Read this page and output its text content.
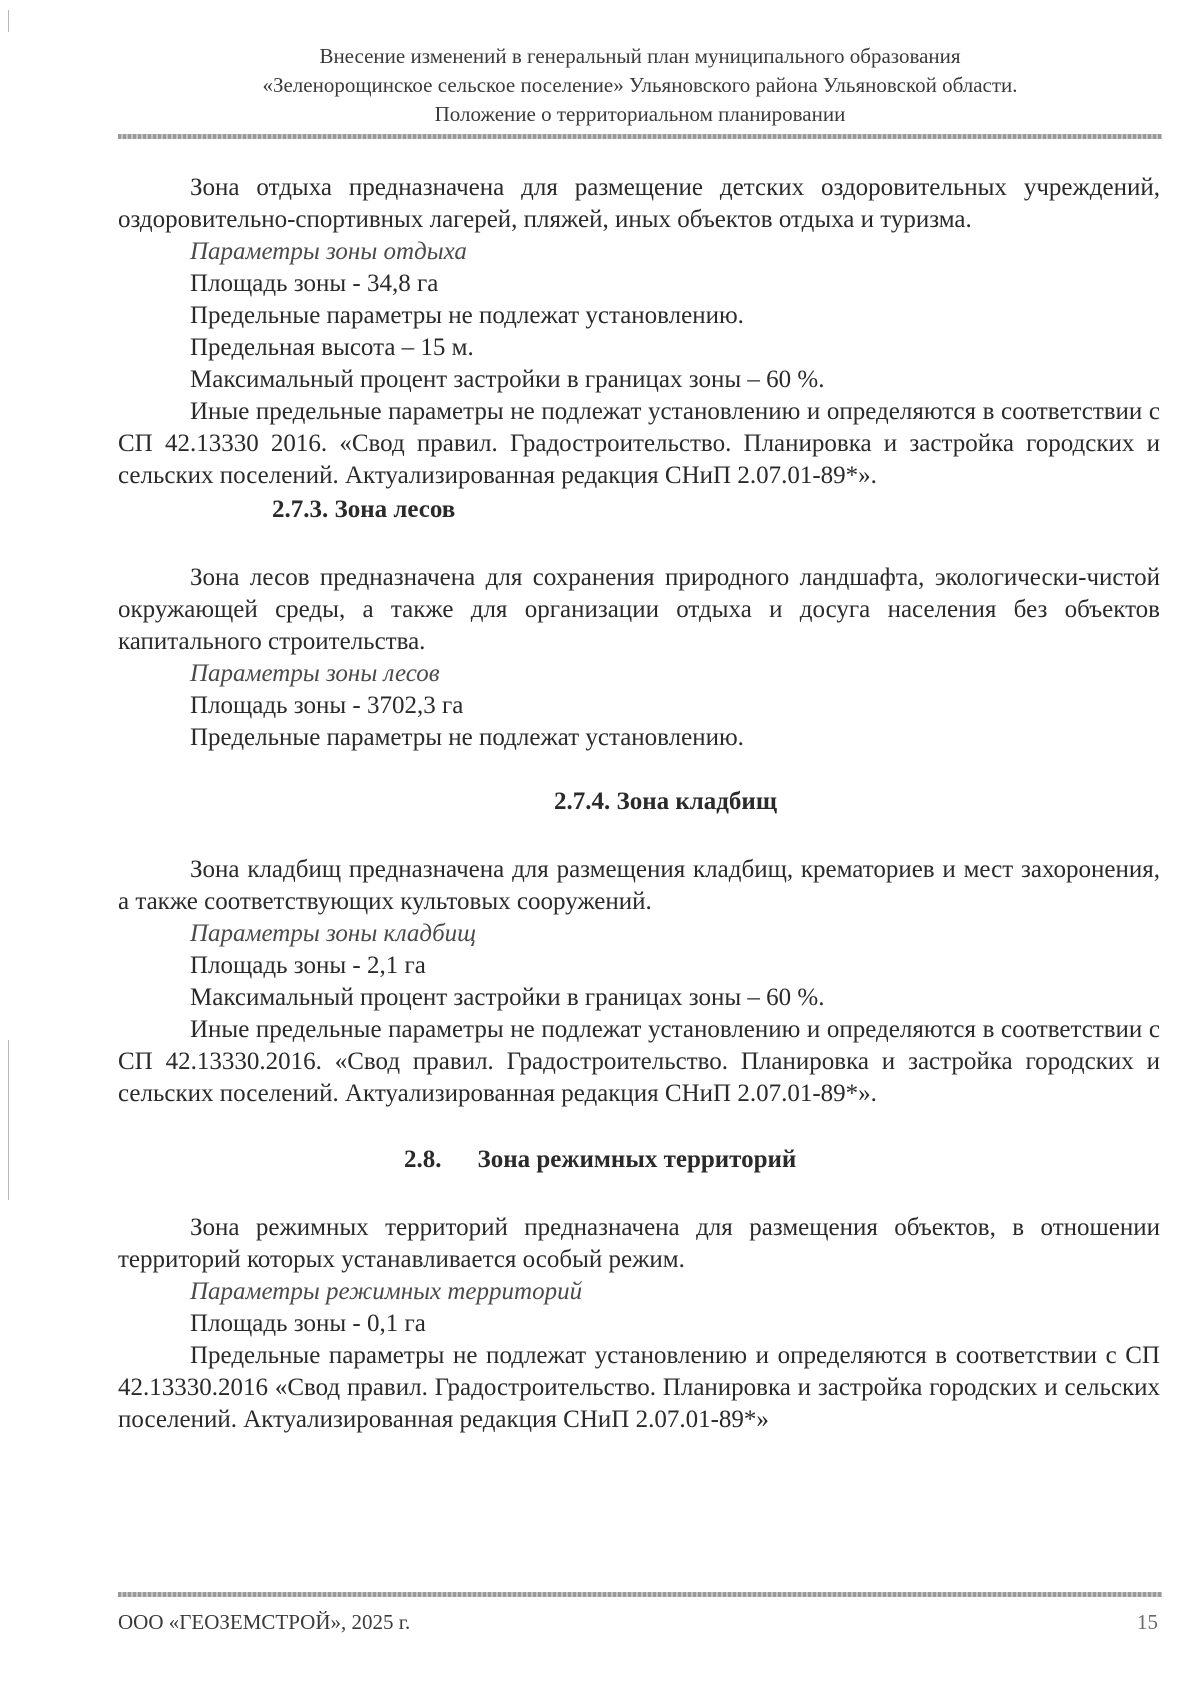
Внесение изменений в генеральный план муниципального образования
«Зеленорощинское сельское поселение» Ульяновского района Ульяновской области.
Положение о территориальном планировании

Зона отдыха предназначена для размещение детских оздоровительных учреждений, оздоровительно-спортивных лагерей, пляжей, иных объектов отдыха и туризма.

Параметры зоны отдыха

Площадь зоны - 34,8 га

Предельные параметры не подлежат установлению.

Предельная высота – 15 м.

Максимальный процент застройки в границах зоны – 60 %.

Иные предельные параметры не подлежат установлению и определяются в соответствии с СП 42.13330 2016. «Свод правил. Градостроительство. Планировка и застройка городских и сельских поселений. Актуализированная редакция СНиП 2.07.01-89*».

2.7.3. Зона лесов

Зона лесов предназначена для сохранения природного ландшафта, экологически-чистой окружающей среды, а также для организации отдыха и досуга населения без объектов капитального строительства.

Параметры зоны лесов

Площадь зоны - 3702,3 га

Предельные параметры не подлежат установлению.

2.7.4. Зона кладбищ

Зона кладбищ предназначена для размещения кладбищ, крематориев и мест захоронения, а также соответствующих культовых сооружений.

Параметры зоны кладбищ

Площадь зоны - 2,1 га

Максимальный процент застройки в границах зоны – 60 %.

Иные предельные параметры не подлежат установлению и определяются в соответствии с СП 42.13330.2016. «Свод правил. Градостроительство. Планировка и застройка городских и сельских поселений. Актуализированная редакция СНиП 2.07.01-89*».

2.8. Зона режимных территорий

Зона режимных территорий предназначена для размещения объектов, в отношении территорий которых устанавливается особый режим.

Параметры режимных территорий

Площадь зоны - 0,1 га

Предельные параметры не подлежат установлению и определяются в соответствии с СП 42.13330.2016 «Свод правил. Градостроительство. Планировка и застройка городских и сельских поселений. Актуализированная редакция СНиП 2.07.01-89*»

ООО «ГЕОЗЕМСТРОЙ», 2025 г.	15
